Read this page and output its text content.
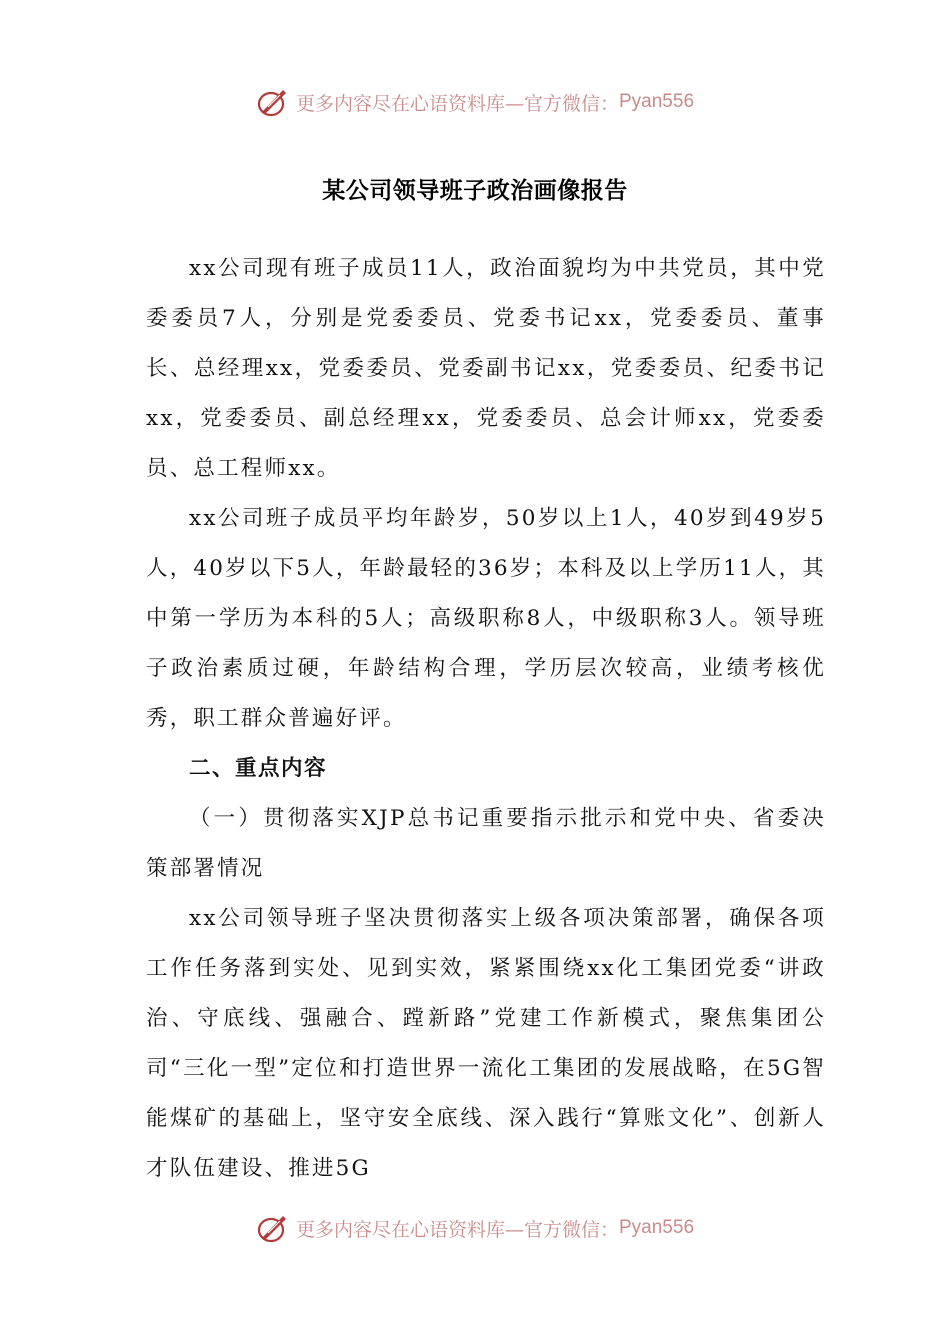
更多内容尽在心语资料库—官方微信： Pyan556
某公司领导班子政治画像报告

xx公司现有班子成员11人，政治面貌均为中共党员，其中党委委员7人，分别是党委委员、党委书记xx，党委委员、董事长、总经理xx，党委委员、党委副书记xx，党委委员、纪委书记xx，党委委员、副总经理xx，党委委员、总会计师xx，党委委员、总工程师xx。

xx公司班子成员平均年龄岁，50岁以上1人，40岁到49岁5人，40岁以下5人，年龄最轻的36岁；本科及以上学历11人，其中第一学历为本科的5人；高级职称8人，中级职称3人。领导班子政治素质过硬，年龄结构合理，学历层次较高，业绩考核优秀，职工群众普遍好评。

二、重点内容

（一）贯彻落实XJP总书记重要指示批示和党中央、省委决策部署情况

xx公司领导班子坚决贯彻落实上级各项决策部署，确保各项工作任务落到实处、见到实效，紧紧围绕xx化工集团党委“讲政治、守底线、强融合、蹚新路”党建工作新模式，聚焦集团公司“三化一型”定位和打造世界一流化工集团的发展战略，在5G智能煤矿的基础上，坚守安全底线、深入践行“算账文化”、创新人才队伍建设、推进5G

更多内容尽在心语资料库—官方微信： Pyan556
